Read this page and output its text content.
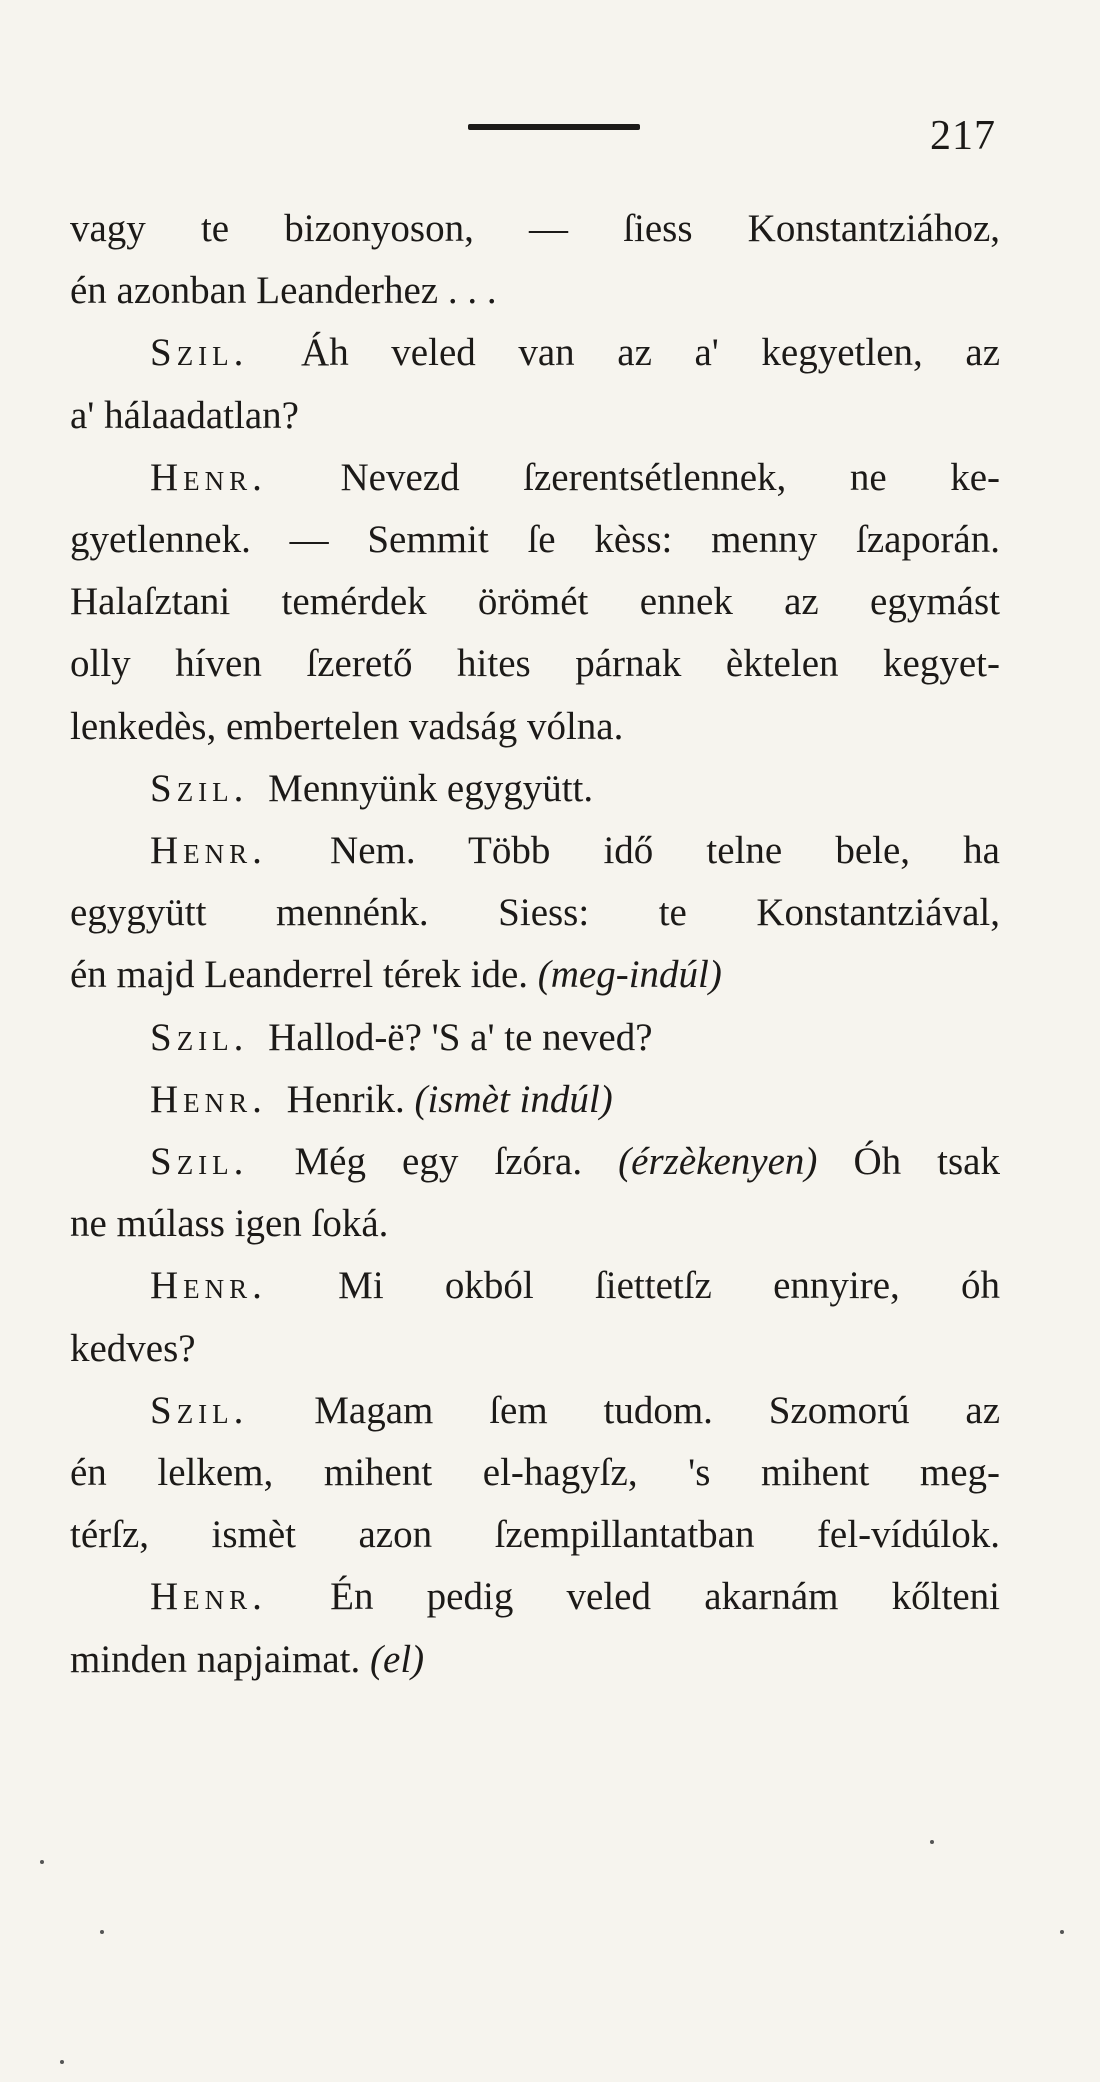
217
vagy te bizonyoson, — ſiess Konstantziához,
én azonban Leanderhez . . .
Szil. Áh veled van az a' kegyetlen, az
a' hálaadatlan?
Henr. Nevezd ſzerentsétlennek, ne ke-
gyetlennek. — Semmit ſe kèss: menny ſzaporán.
Halaſztani temérdek örömét ennek az egymást
olly híven ſzerető hites párnak èktelen kegyet-
lenkedès, embertelen vadság vólna.
Szil. Mennyünk egygyütt.
Henr. Nem. Több idő telne bele, ha
egygyütt mennénk. Siess: te Konstantziával,
én majd Leanderrel térek ide. (meg-indúl)
Szil. Hallod-ë? 'S a' te neved?
Henr. Henrik. (ismèt indúl)
Szil. Még egy ſzóra. (érzèkenyen) Óh tsak
ne múlass igen ſoká.
Henr. Mi okból ſiettetſz ennyire, óh
kedves?
Szil. Magam ſem tudom. Szomorú az
én lelkem, mihent el-hagyſz, 's mihent meg-
térſz, ismèt azon ſzempillantatban fel-vídúlok.
Henr. Én pedig veled akarnám kőlteni
minden napjaimat. (el)
